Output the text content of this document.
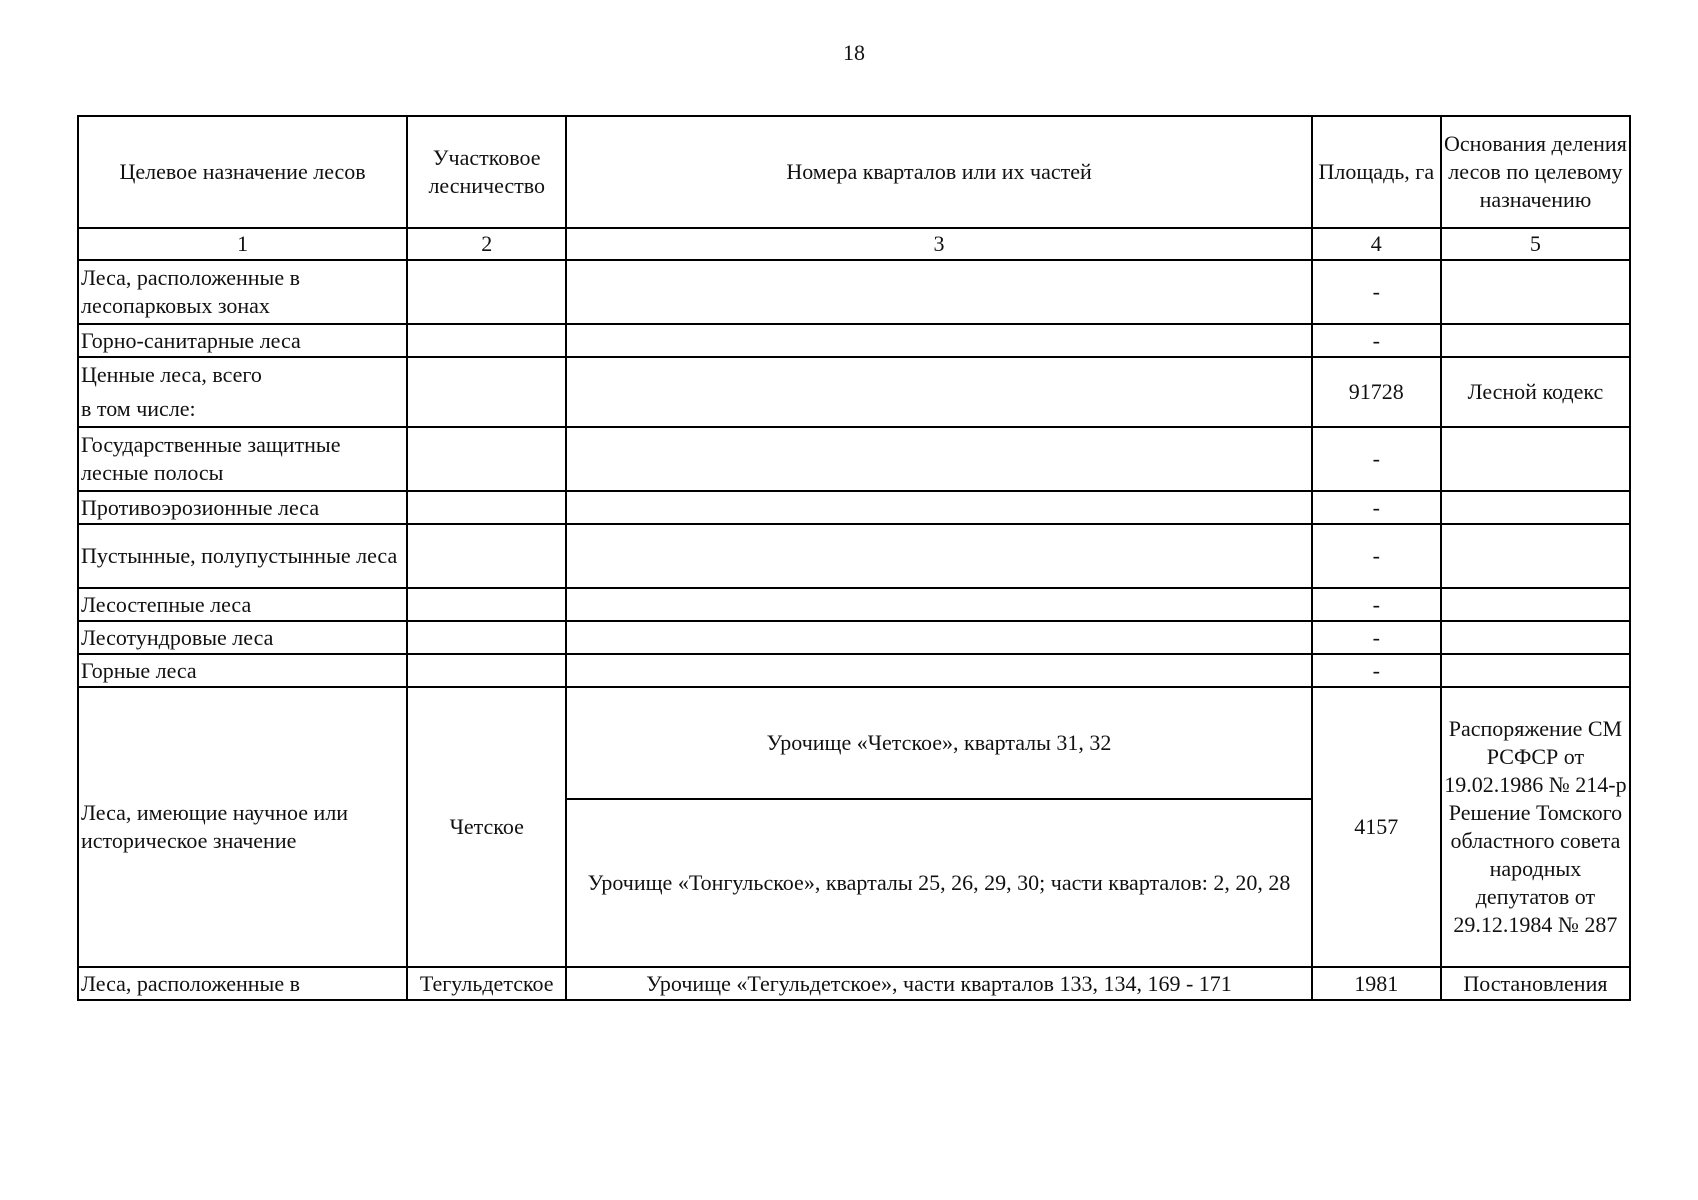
18
Целевое назначение лесов	Участковое лесничество	Номера кварталов или их частей	Площадь, га	Основания деления лесов по целевому назначению
1	2	3	4	5
Леса, расположенные в лесопарковых зонах			-	
Горно-санитарные леса			-	

Ценные леса, всего
в том числе:			91728	Лесной кодекс
Государственные защитные лесные полосы			-	
Противоэрозионные леса			-	
Пустынные, полупустынные леса			-	
Лесостепные леса			-	
Лесотундровые леса			-	
Горные леса			-	
Леса, имеющие научное или историческое значение	Четское	Урочище «Четское», кварталы 31, 32	4157	Распоряжение СМ РСФСР от 19.02.1986 № 214-р
Решение Томского областного совета народных депутатов от 29.12.1984 № 287

		Урочище «Тонгульское», кварталы 25, 26, 29, 30; части кварталов: 2, 20, 28		
Леса, расположенные в	Тегульдетское	Урочище «Тегульдетское», части кварталов 133, 134, 169 - 171	1981	Постановления
